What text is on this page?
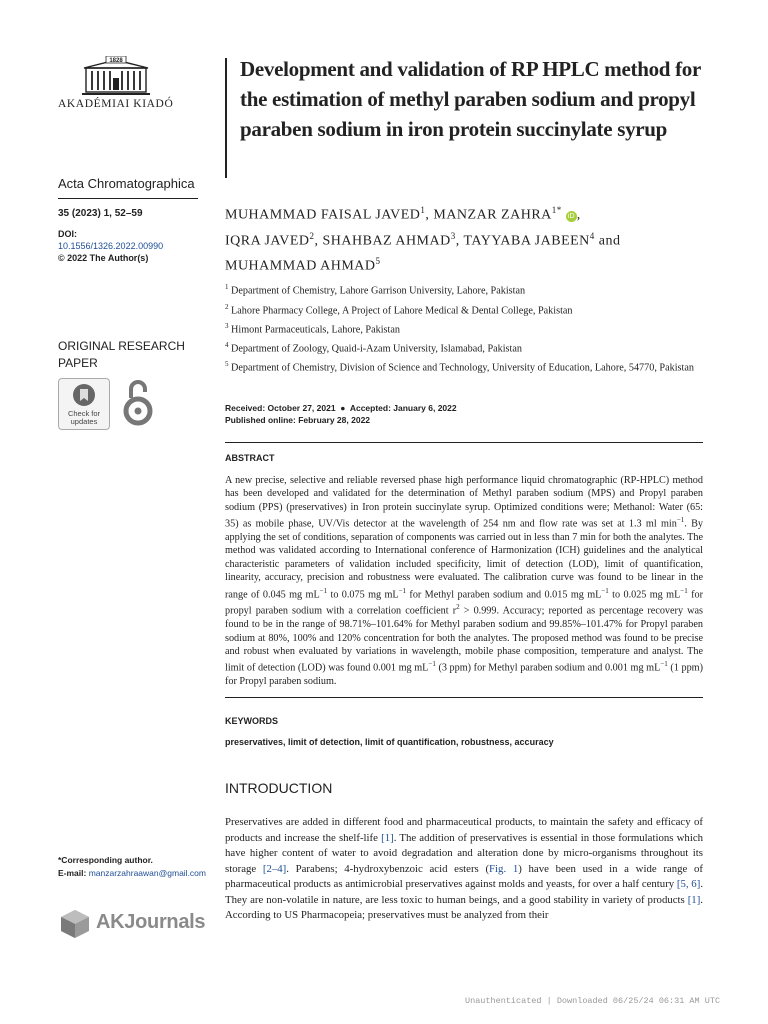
1828
AKADÉMIAI KIADÓ
Acta Chromatographica
35 (2023) 1, 52–59
DOI:
10.1556/1326.2022.00990
© 2022 The Author(s)
ORIGINAL RESEARCH PAPER
Check for
updates
*Corresponding author.
E-mail: manzarzahraawan@gmail.com
AKJournals
Development and validation of RP HPLC method for the estimation of methyl paraben sodium and propyl paraben sodium in iron protein succinylate syrup
MUHAMMAD FAISAL JAVED$^1$, MANZAR $ZAHRA^{1*}$ iD ,
IQRA JAVED$^2$, SHAHBAZ AHMAD$^3$, TAYYABA JABEEN$^4$ and
MUHAMMAD AHMAD$^5$
$^1$ Department of Chemistry, Lahore Garrison University, Lahore, Pakistan
$^2$ Lahore Pharmacy College, A Project of Lahore Medical & Dental College, Pakistan
$^3$ Himont Parmaceuticals, Lahore, Pakistan
$^4$ Department of Zoology, Quaid-i-Azam University, Islamabad, Pakistan
$^5$ Department of Chemistry, Division of Science and Technology, University of Education, Lahore, 54770, Pakistan
Received: October 27, 2021  ●  Accepted: January 6, 2022
Published online: February 28, 2022
ABSTRACT
A new precise, selective and reliable reversed phase high performance liquid chromatographic (RP-HPLC) method has been developed and validated for the determination of Methyl paraben sodium (MPS) and Propyl paraben sodium (PPS) (preservatives) in Iron protein succinylate syrup. Optimized conditions were; Methanol: Water (65: 35) as mobile phase, UV/Vis detector at the wavelength of 254 nm and flow rate was set at 1.3 ml $\min^{-1}$. By applying the set of conditions, separation of components was carried out in less than 7 min for both the analytes. The method was validated according to International conference of Harmonization (ICH) guidelines and the analytical characteristic parameters of validation included specificity, limit of detection (LOD), limit of quantification, linearity, accuracy, precision and robustness were evaluated. The calibration curve was found to be linear in the range of 0.045 mg $mL^{-1}$ to 0.075 mg $mL^{-1}$ for Methyl paraben sodium and 0.015 mg $mL^{-1}$ to 0.025 mg $mL^{-1}$ for propyl paraben sodium with a correlation coefficient $r^2 > 0.999$. Accuracy; reported as percentage recovery was found to be in the range of 98.71%–101.64% for Methyl paraben sodium and 99.85%–101.47% for Propyl paraben sodium at 80%, 100% and 120% concentration for both the analytes. The proposed method was found to be precise and robust when evaluated by variations in wavelength, mobile phase composition, temperature and analyst. The limit of detection (LOD) was found 0.001 mg $mL^{-1}$ (3 ppm) for Methyl paraben sodium and 0.001 mg $mL^{-1}$ (1 ppm) for Propyl paraben sodium.
KEYWORDS
preservatives, limit of detection, limit of quantification, robustness, accuracy
INTRODUCTION
Preservatives are added in different food and pharmaceutical products, to maintain the safety and efficacy of products and increase the shelf-life [1]. The addition of preservatives is essential in those formulations which have higher content of water to avoid degradation and alteration done by micro-organisms throughout its storage [2–4]. Parabens; 4-hydroxybenzoic acid esters (Fig. 1) have been used in a wide range of pharmaceutical products as antimicrobial preservatives against molds and yeasts, for over a half century [5, 6]. They are non-volatile in nature, are less toxic to human beings, and a good stability in variety of products [1]. According to US Pharmacopeia; preservatives must be analyzed from their
Unauthenticated | Downloaded 06/25/24 06:31 AM UTC
